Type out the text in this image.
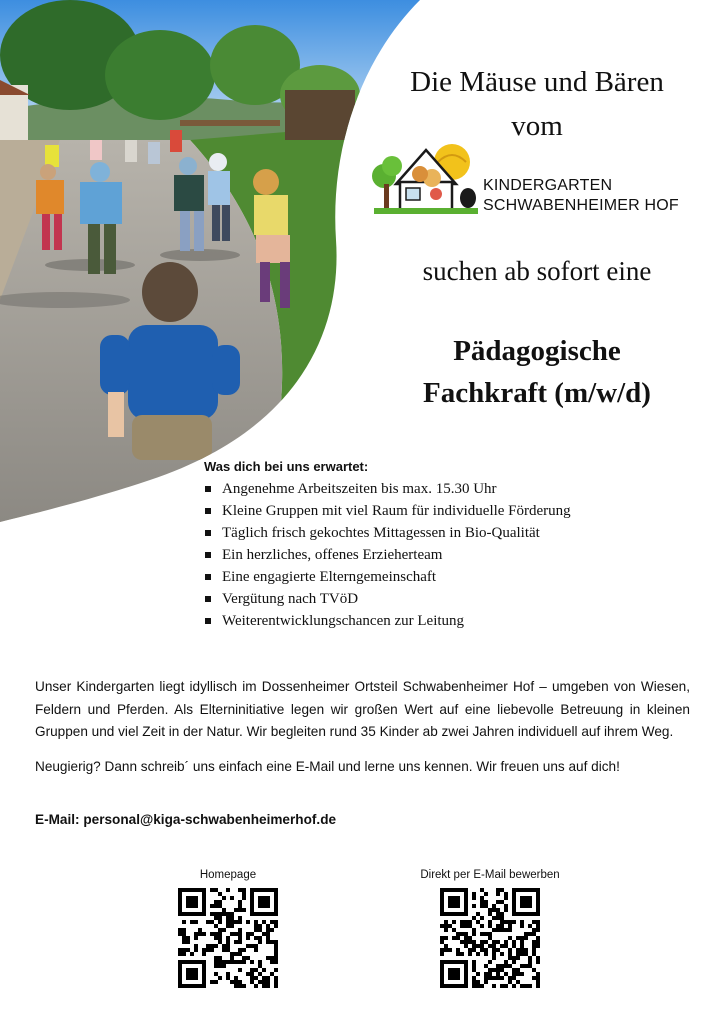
Die Mäuse und Bären
vom
KINDERGARTEN
SCHWABENHEIMER HOF
suchen ab sofort eine
Pädagogische
Fachkraft (m/w/d)
Was dich bei uns erwartet:
Angenehme Arbeitszeiten bis max. 15.30 Uhr
Kleine Gruppen mit viel Raum für individuelle Förderung
Täglich frisch gekochtes Mittagessen in Bio-Qualität
Ein herzliches, offenes Erzieherteam
Eine engagierte Elterngemeinschaft
Vergütung nach TVöD
Weiterentwicklungschancen zur Leitung

Unser Kindergarten liegt idyllisch im Dossenheimer Ortsteil Schwabenheimer Hof – umgeben von Wiesen, Feldern und Pferden. Als Elterninitiative legen wir großen Wert auf eine liebevolle Betreuung in kleinen Gruppen und viel Zeit in der Natur. Wir begleiten rund 35 Kinder ab zwei Jahren individuell auf ihrem Weg.

Neugierig? Dann schreib´ uns einfach eine E-Mail und lerne uns kennen. Wir freuen uns auf dich!

E-Mail: personal@kiga-schwabenheimerhof.de
Homepage	Direkt per E-Mail bewerben
